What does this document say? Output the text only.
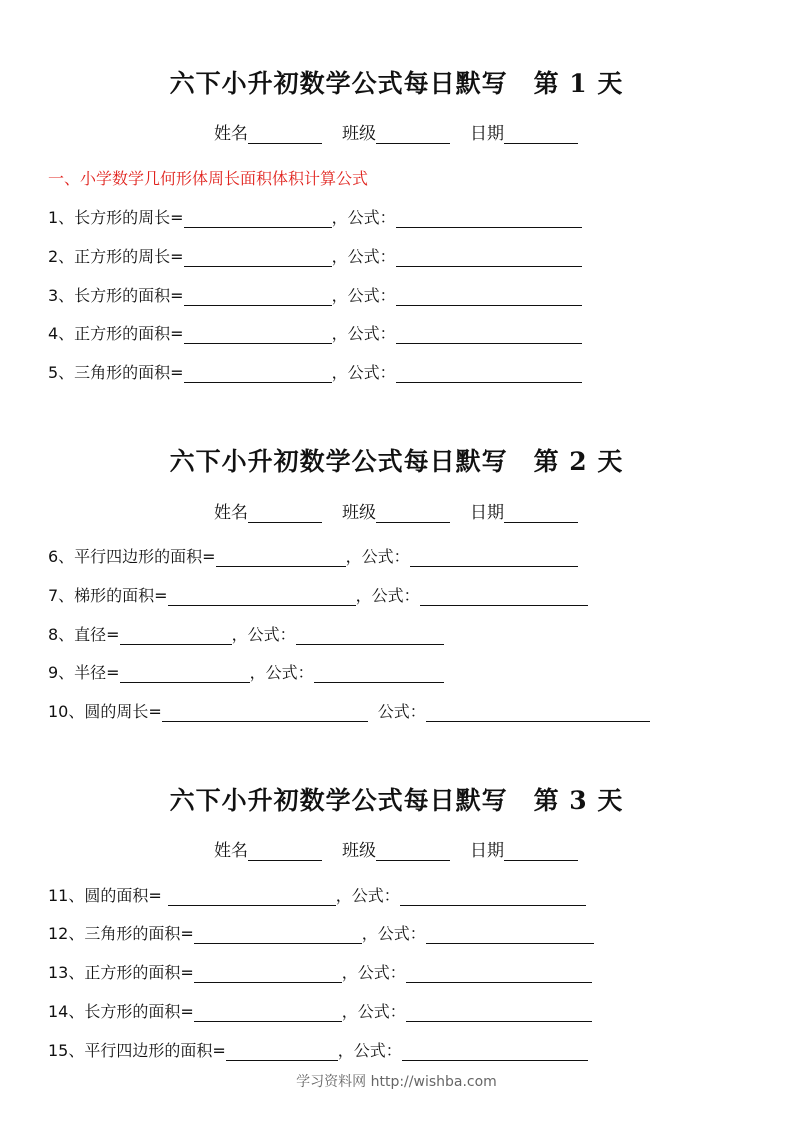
六下小升初数学公式每日默写 第 1 天
姓名	班级	日期
一、小学数学几何形体周长面积体积计算公式
1、长方形的周长=	，公式：
2、正方形的周长=	，公式：
3、长方形的面积=	，公式：
4、正方形的面积=	，公式：
5、三角形的面积=	，公式：
六下小升初数学公式每日默写 第 2 天
姓名	班级	日期
6、平行四边形的面积=	，公式：
7、梯形的面积=	，公式：
8、直径=	，公式：
9、半径=	，公式：
10、圆的周长=	公式：
六下小升初数学公式每日默写 第 3 天
姓名	班级	日期
11、圆的面积=	，公式：
12、三角形的面积=	，公式：
13、正方形的面积=	，公式：
14、长方形的面积=	，公式：
15、平行四边形的面积=	，公式：
学习资料网 http://wishba.com
